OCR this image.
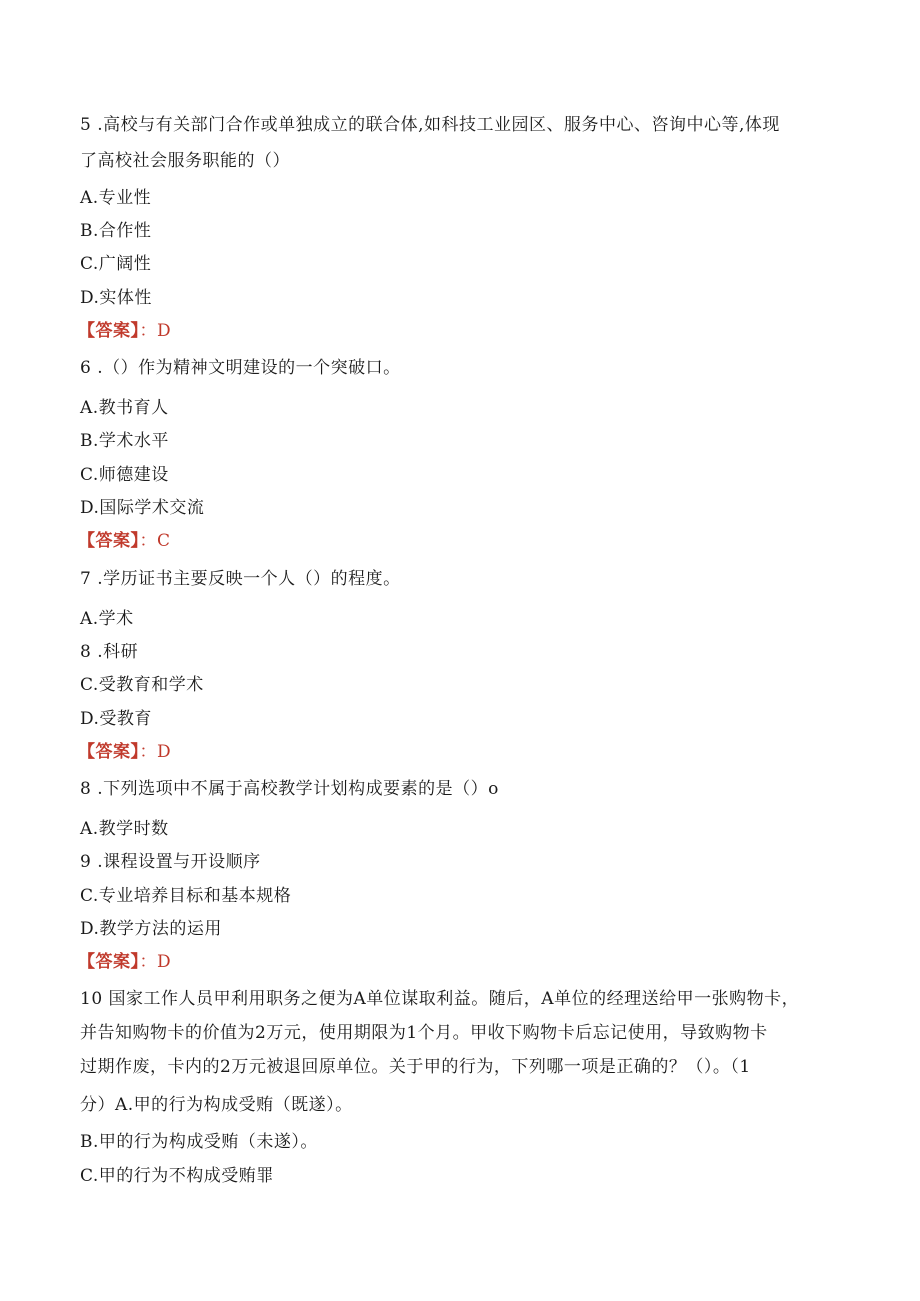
5 .高校与有关部门合作或单独成立的联合体,如科技工业园区、服务中心、咨询中心等,体现
了高校社会服务职能的（）
A.专业性
B.合作性
C.广阔性
D.实体性
【答案】：D
6 .（）作为精神文明建设的一个突破口。
A.教书育人
B.学术水平
C.师德建设
D.国际学术交流
【答案】：C
7 .学历证书主要反映一个人（）的程度。
A.学术
8 .科研
C.受教育和学术
D.受教育
【答案】：D
8 .下列选项中不属于高校教学计划构成要素的是（）o
A.教学时数
9 .课程设置与开设顺序
C.专业培养目标和基本规格
D.教学方法的运用
【答案】：D
10 国家工作人员甲利用职务之便为A单位谋取利益。随后，A单位的经理送给甲一张购物卡，
并告知购物卡的价值为2万元，使用期限为1个月。甲收下购物卡后忘记使用，导致购物卡
过期作废，卡内的2万元被退回原单位。关于甲的行为，下列哪一项是正确的？（）。（1
分）A.甲的行为构成受贿（既遂）。
B.甲的行为构成受贿（未遂）。
C.甲的行为不构成受贿罪
